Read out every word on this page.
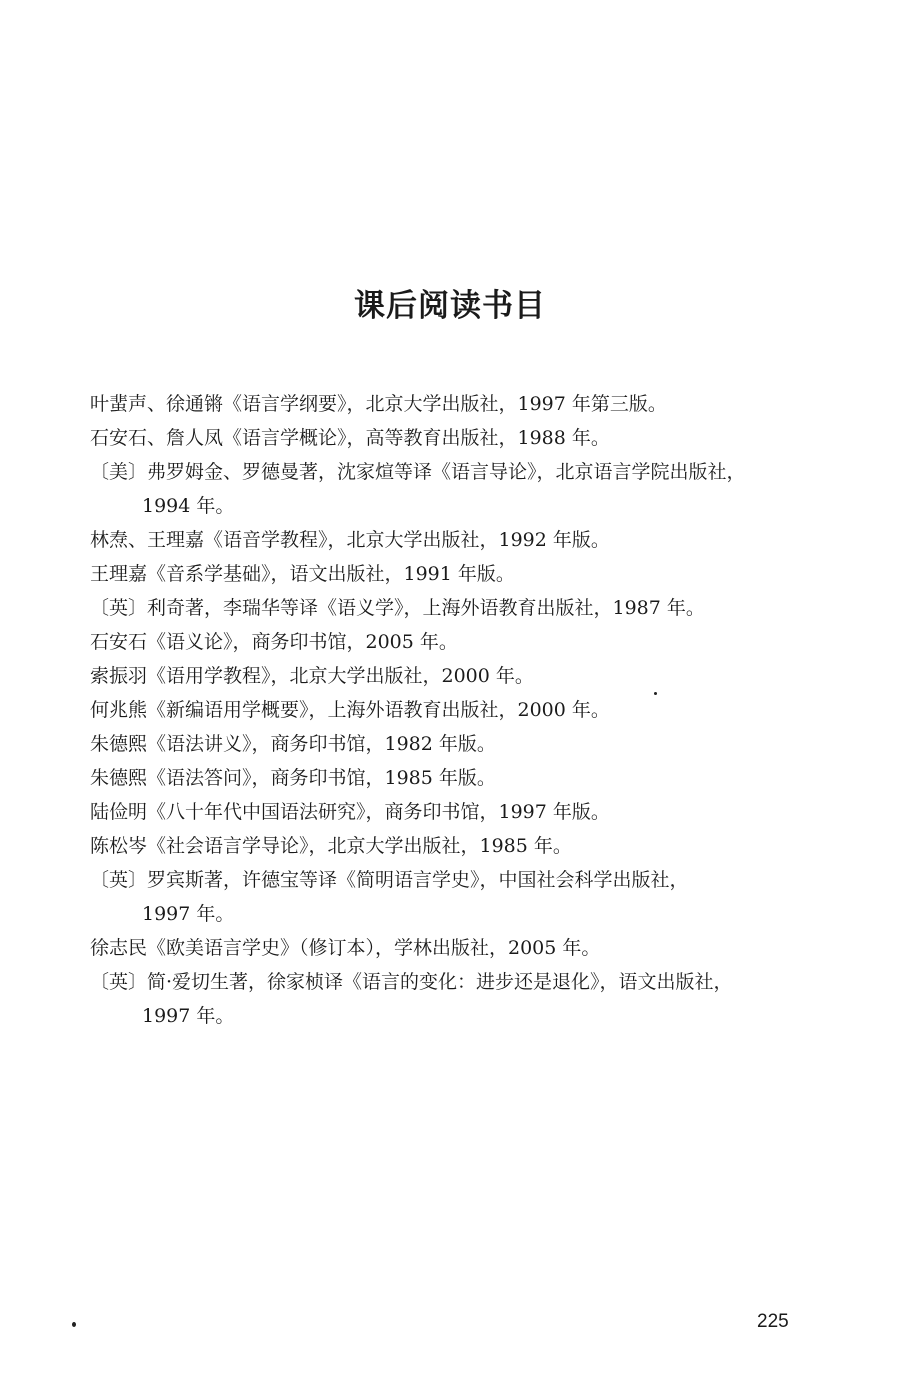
课后阅读书目
叶蜚声、徐通锵《语言学纲要》，北京大学出版社，1997 年第三版。
石安石、詹人凤《语言学概论》，高等教育出版社，1988 年。
〔美〕弗罗姆金、罗德曼著，沈家煊等译《语言导论》，北京语言学院出版社，
1994 年。
林焘、王理嘉《语音学教程》，北京大学出版社，1992 年版。
王理嘉《音系学基础》，语文出版社，1991 年版。
〔英〕利奇著，李瑞华等译《语义学》，上海外语教育出版社，1987 年。
石安石《语义论》，商务印书馆，2005 年。
索振羽《语用学教程》，北京大学出版社，2000 年。
何兆熊《新编语用学概要》，上海外语教育出版社，2000 年。
朱德熙《语法讲义》，商务印书馆，1982 年版。
朱德熙《语法答问》，商务印书馆，1985 年版。
陆俭明《八十年代中国语法研究》，商务印书馆，1997 年版。
陈松岑《社会语言学导论》，北京大学出版社，1985 年。
〔英〕罗宾斯著，许德宝等译《简明语言学史》，中国社会科学出版社，
1997 年。
徐志民《欧美语言学史》（修订本），学林出版社，2005 年。
〔英〕简·爱切生著，徐家桢译《语言的变化：进步还是退化》，语文出版社，
1997 年。
225
